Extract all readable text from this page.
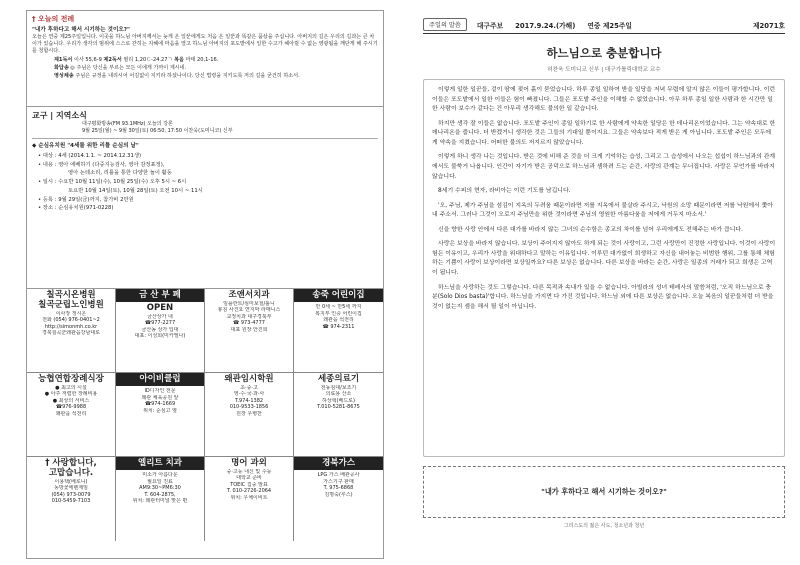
† 오늘의 전례
"내가 후하다고 해서 시기하는 것이오?"
오늘은 연중 제25주일입니다. 이곳을 하느님 아버지께서는 늦게 온 일꾼에게도 처음 온 일꾼과 똑같은 품삯을 주십니다. 아버지의 길은 우리의 길과는 큰 차이가 있습니다. 우리가 생각의 범위에 스스로 갇히는 지혜에 마음을 열고 하느님 아버지의 포도밭에서 일한 수고가 헤아릴 수 없는 영광됨을 깨닫게 해 주시기를 청합시다.
제1독서 이사 55,6-9 제2독서 필리 1,20ㄷ-24.27ㄱ 복음 마태 20,1-16.
화답송 ◎ 주님은 당신을 부르는 모든 이에게 가까이 계시네.
영성체송 주님은 규정을 내리시어 어김없이 지키라 하셨나이다. 당신 법령을 지키도록 저의 길을 굳건히 하소서.
교구 | 지역소식
대구평화방송(FM 93.1MHz) 오늘의 강론
9월 25일(월) ~ 9월 30일(토) 06:50, 17:50 이찬욱(도미니코) 신부
◆ 순심유치원 "4세를 위한 리틀 순심의 날"
• 대상 : 4세 (2014.1.1. ~ 2014.12.31생)
• 내용 : 영아 에베하기 (다중지능검사, 영아 감정표정),
영아 논테소리, 리틀을 통한 다양한 놀이 활동
• 일시 : 수요반 10월 11일(수), 10월 25일(수) 오후 5시 ~ 6시
토요반 10월 14일(토), 10월 28일(토) 오전 10시 ~ 11시
• 등록 : 9월 29일(금)까지, 참가비 2만원
• 장소 : 순심유치원(971-0228)
칠곡시온병원
칠곡군립노인병원
이사장 정시온
전화 (054) 976-0401~2
http://simonmh.co.kr
경북칠곡군왜관읍강남대로
금 산 부 페
OPEN
금산상가 내
☎977-2277
금산농 상가 입대
대표: 이성희(미카엘나)
조앤서치과
임플란트/심미보철/틀니
봉침 사진요 연지막 라매니스
교정치과 대구경북부
☎ 973-4777
대표 원장 안진희
송죽 어린이집
만 0세 ~ 만5세 까지
복지부 인증 어린이집
왜관읍 석전리
☎ 974-2311
능협연합장례식장
● 최고의 시설
● 아주 저렴한 장례비용
● 최상의 서비스
☎976-9988
왜관읍 석전리
아이비클럽
ID디자인 전문
왜관 체육공원 앞
☎974-1669
위치: 순심고 옆
왜관임시학원
초·중·고
영·수·국·과·사
T.974-1382
010-9533-1856
원장 우병찬
세종의료기
전동침대/보조기
의료용 산소
하상혁(베드로)
T.010-5281-8675
† 사랑합니다,
고맙습니다.
이용택(베로니)
동방꽃에렌제임
(054) 973-0079
010-5459-7103
엘리트 치과
미소가 아름다운
월요일 진료
AM9:30~PM6:30
T. 604-2875,
위치: 왜관터미널 맞은 편
명어 과외
중·고등 내신 및 수능
대학교 준비
TOEIC 집중 발표
T. 010-2726-2064
위치: 우체이비트
경북가스
LPG 가스 배관공사
가스기구 판매
T. 975-6868
김명숙(루스)
주일의 말씀	대구주보 2017.9.24.(가해) 연중 제25주일	제2071호
하느님으로 충분합니다
허찬욱 도미니코 신부 | 대구가톨릭대학교 교수

이렇게 일한 일꾼들, 겉이 땀에 젖어 흙이 묻었습니다. 하루 종일 일하여 받을 일당을 저녁 무렵에 알지 않은 이들이 평가합니다. 이런 이들은 포도밭에서 일한 이들은 험이 빠졌니다. 그들은 포도밭 주인을 이해할 수 없었습니다. 아무 하루 종일 일한 사람과 한 시간만 일한 사람이 보수가 같다는 건 아무리 생각해도 불의한 일 같습니다.

하지만 생각 잘 이들은 없습니다. 포도밭 주인이 종일 일하기로 한 사람에게 약속한 일당은 한 데나리온이었습니다. 그는 약속대로 한 데나리온을 줍니다. 더 받겠거니 생각한 것은 그들의 기대일 뿐이지요. 그들은 약속보다 적게 받은 게 아닙니다. 포도밭 주인은 모두에게 약속을 지켰습니다. 어떠한 불의도 저지르지 않았습니다.

이렇게 하니 생각 나는 것입니다. 받은 것에 비해 준 것을 더 크게 기억하는 습성, 그리고 그 습성에서 나오는 섭섭이 하느님과의 관계에서도 불쑥거 나옵니다. 인간이 자기가 받은 공덕으로 하느님과 셈하려 드는 순간, 사랑의 관계는 무너집니다. 사랑은 무언가를 바라지 않습니다.

8세기 수피의 현자, 라비아는 이런 기도를 남깁니다.

'오, 주님, 제가 주님을 섬김이 지옥의 두려움 때문이라면 저를 지옥에서 불살라 주시고, 낙원의 소망 때문이라면 저를 낙원에서 쫓아내 주소서. 그러나 그것이 오로지 주님만을 위한 것이라면 주님의 영원한 아름다움을 저에게 거두지 마소서.'

신을 향한 사랑 안에서 다른 대가를 바라지 않는 그녀의 순수함은 종교의 차이를 넘어 우리에게도 전해주는 바가 큽니다.

사랑은 보상을 바라지 않습니다. 보상이 주어지지 않아도 하게 되는 것이 사랑이고, 그런 사랑만이 진정한 사랑입니다. 이것이 사랑이 험든 이유이고, 우리가 사랑을 위대하다고 말하는 이유입니다. 이루던 대가없이 희생하고 자신을 내어놓는 비범한 행위, 그를 통해 체험하는 기쁨이 사랑이 보상이라면 보상일까요? 다른 보상은 없습니다. 다른 보상을 바라는 순간, 사랑은 일종의 거래가 되고 희생은 고역이 됩니다.

하느님을 사랑하는 것도 그렇습니다. 다른 목적과 속내가 있을 수 없습니다. 아빌라의 성녀 테레사의 말씀처럼, '오직 하느님으로 충분(Solo Dios basta)'합니다. 하느님을 가지면 다 가진 것입니다. 하느님 외에 다른 보상은 없습니다. 오늘 복음의 일꾼들처럼 더 받을 것이 없는지 셈을 해서 될 일이 아닙니다.

"내가 후하다고 해서 시기하는 것이오?"
그리스도의 젊은 사도, 청소년과 청년
